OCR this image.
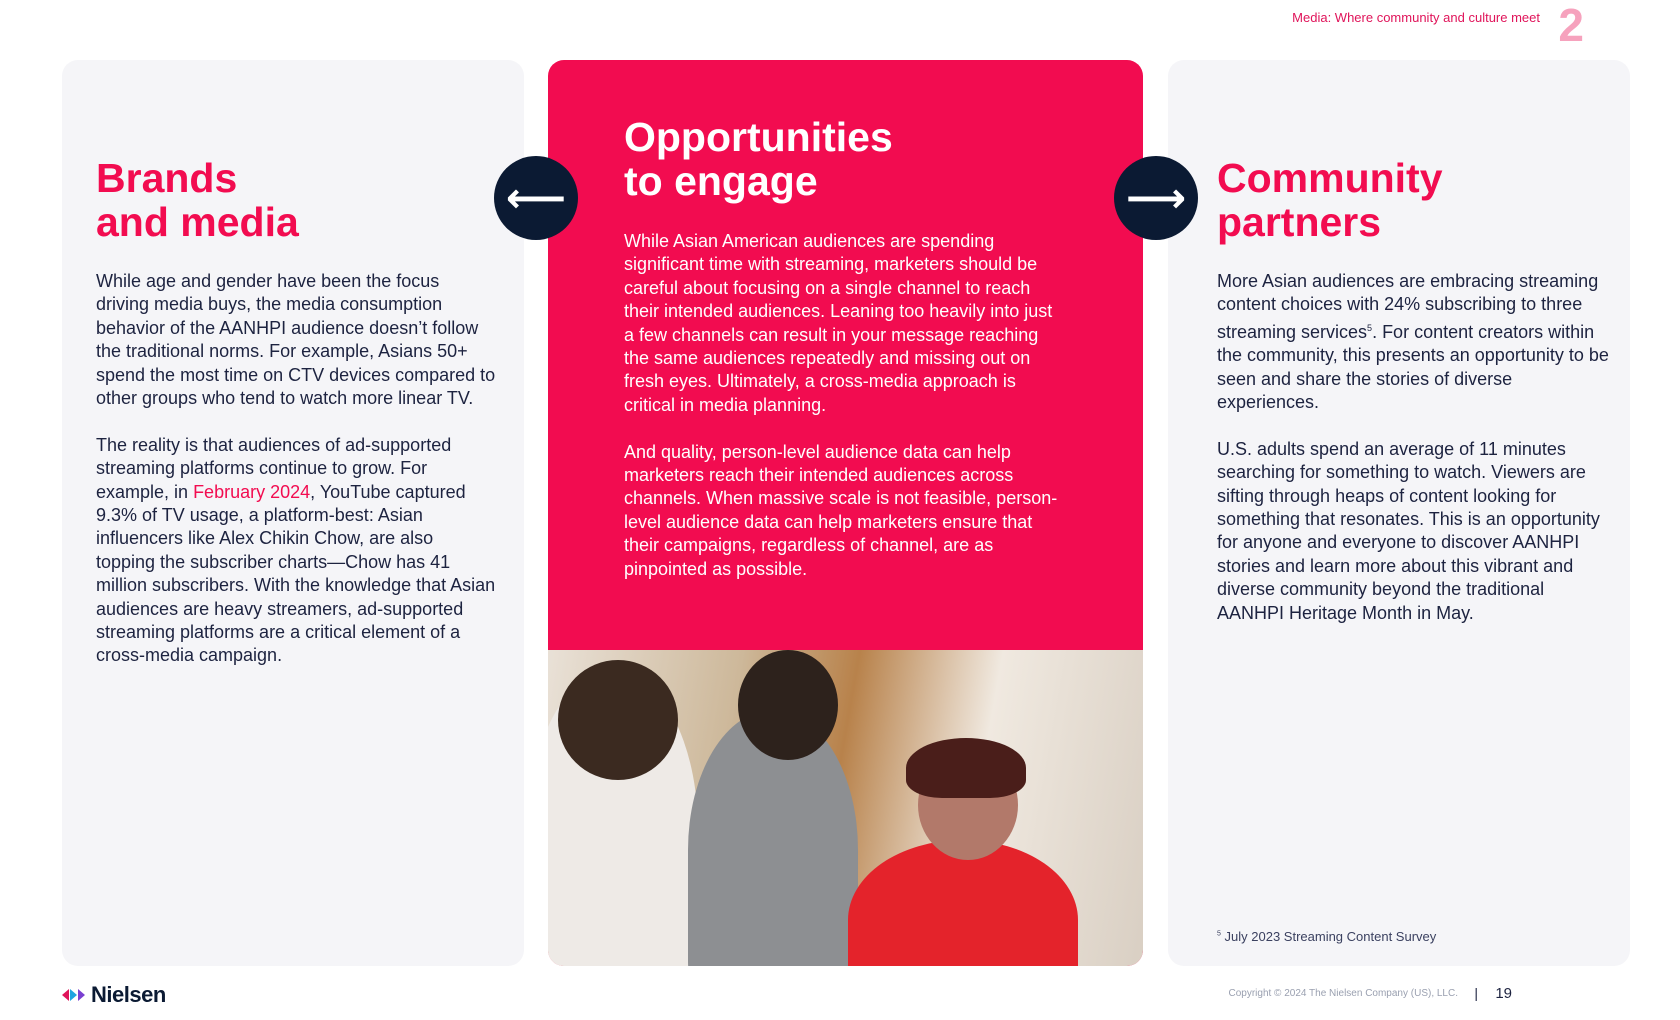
Media: Where community and culture meet 2
Brands
and media

While age and gender have been the focus driving media buys, the media consumption behavior of the AANHPI audience doesn’t follow the traditional norms. For example, Asians 50+ spend the most time on CTV devices compared to other groups who tend to watch more linear TV.

The reality is that audiences of ad-supported streaming platforms continue to grow. For example, in February 2024, YouTube captured 9.3% of TV usage, a platform-best: Asian influencers like Alex Chikin Chow, are also topping the subscriber charts—Chow has 41 million subscribers. With the knowledge that Asian audiences are heavy streamers, ad-supported streaming platforms are a critical element of a cross-media campaign.

Opportunities
to engage

While Asian American audiences are spending significant time with streaming, marketers should be careful about focusing on a single channel to reach their intended audiences. Leaning too heavily into just a few channels can result in your message reaching the same audiences repeatedly and missing out on fresh eyes. Ultimately, a cross-media approach is critical in media planning.

And quality, person-level audience data can help marketers reach their intended audiences across channels. When massive scale is not feasible, person-level audience data can help marketers ensure that their campaigns, regardless of channel, are as pinpointed as possible.

Community
partners

More Asian audiences are embracing streaming content choices with 24% subscribing to three streaming services$^5$. For content creators within the community, this presents an opportunity to be seen and share the stories of diverse experiences.

U.S. adults spend an average of 11 minutes searching for something to watch. Viewers are sifting through heaps of content looking for something that resonates. This is an opportunity for anyone and everyone to discover AANHPI stories and learn more about this vibrant and diverse community beyond the traditional AANHPI Heritage Month in May.

$^5$ July 2023 Streaming Content Survey
⟵	⟶
Nielsen	Copyright © 2024 The Nielsen Company (US), LLC. | 19
